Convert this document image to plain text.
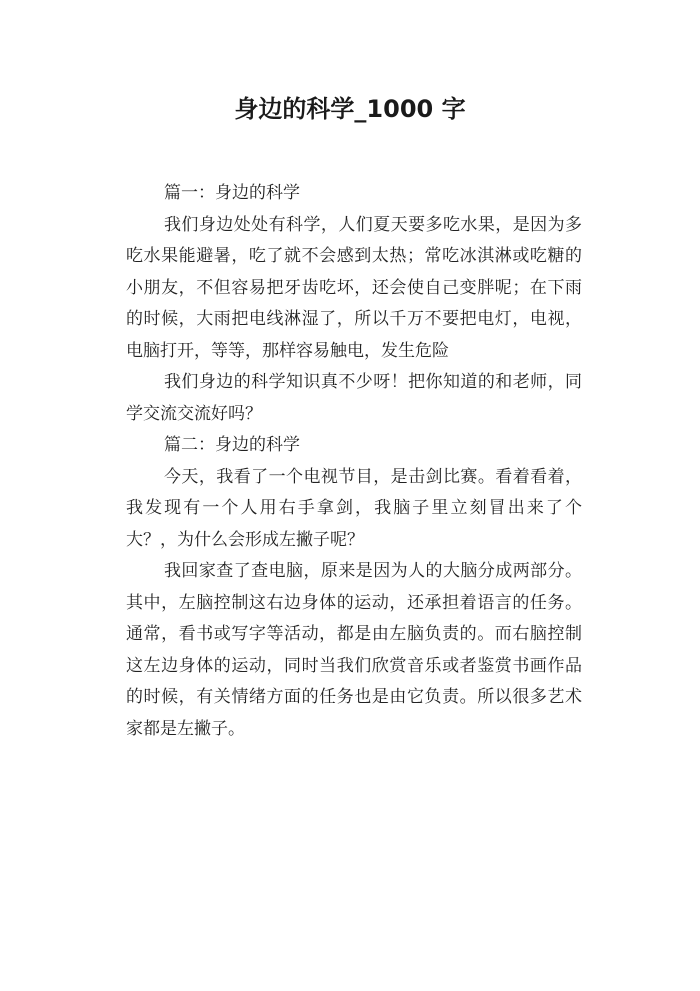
身边的科学_1000 字

篇一：身边的科学

我们身边处处有科学，人们夏天要多吃水果，是因为多吃水果能避暑，吃了就不会感到太热；常吃冰淇淋或吃糖的小朋友，不但容易把牙齿吃坏，还会使自己变胖呢；在下雨的时候，大雨把电线淋湿了，所以千万不要把电灯，电视，电脑打开，等等，那样容易触电，发生危险

我们身边的科学知识真不少呀！把你知道的和老师，同学交流交流好吗？

篇二：身边的科学

今天，我看了一个电视节目，是击剑比赛。看着看着，我发现有一个人用右手拿剑，我脑子里立刻冒出来了个大？，为什么会形成左撇子呢？

我回家查了查电脑，原来是因为人的大脑分成两部分。其中，左脑控制这右边身体的运动，还承担着语言的任务。通常，看书或写字等活动，都是由左脑负责的。而右脑控制这左边身体的运动，同时当我们欣赏音乐或者鉴赏书画作品的时候，有关情绪方面的任务也是由它负责。所以很多艺术家都是左撇子。
